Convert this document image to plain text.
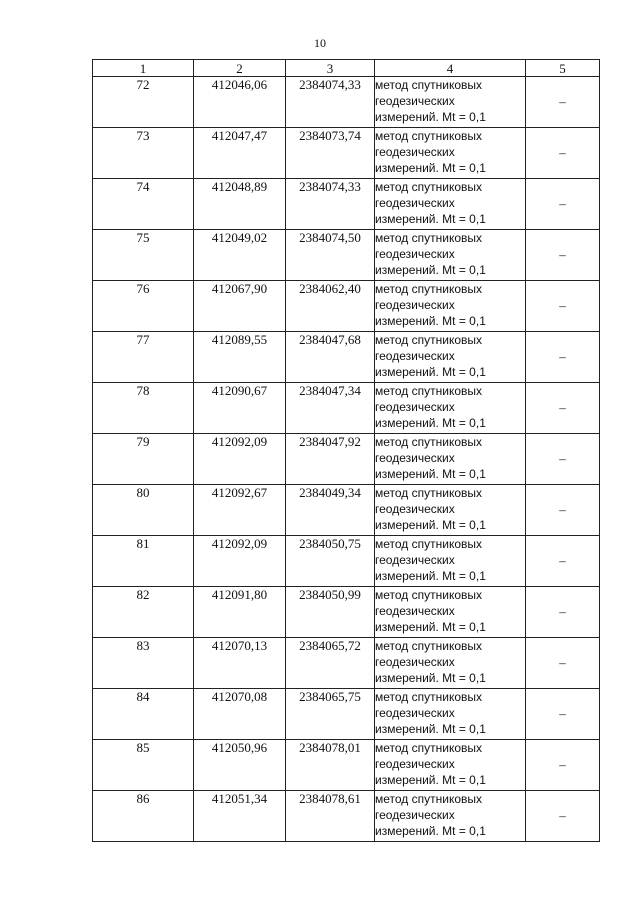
10
1	2	3	4	5
72	412046,06	2384074,33	метод спутниковых
геодезических
измерений. Mt = 0,1	–
73	412047,47	2384073,74	метод спутниковых
геодезических
измерений. Mt = 0,1	–
74	412048,89	2384074,33	метод спутниковых
геодезических
измерений. Mt = 0,1	–
75	412049,02	2384074,50	метод спутниковых
геодезических
измерений. Mt = 0,1	–
76	412067,90	2384062,40	метод спутниковых
геодезических
измерений. Mt = 0,1	–
77	412089,55	2384047,68	метод спутниковых
геодезических
измерений. Mt = 0,1	–
78	412090,67	2384047,34	метод спутниковых
геодезических
измерений. Mt = 0,1	–
79	412092,09	2384047,92	метод спутниковых
геодезических
измерений. Mt = 0,1	–
80	412092,67	2384049,34	метод спутниковых
геодезических
измерений. Mt = 0,1	–
81	412092,09	2384050,75	метод спутниковых
геодезических
измерений. Mt = 0,1	–
82	412091,80	2384050,99	метод спутниковых
геодезических
измерений. Mt = 0,1	–
83	412070,13	2384065,72	метод спутниковых
геодезических
измерений. Mt = 0,1	–
84	412070,08	2384065,75	метод спутниковых
геодезических
измерений. Mt = 0,1	–
85	412050,96	2384078,01	метод спутниковых
геодезических
измерений. Mt = 0,1	–
86	412051,34	2384078,61	метод спутниковых
геодезических
измерений. Mt = 0,1	–
